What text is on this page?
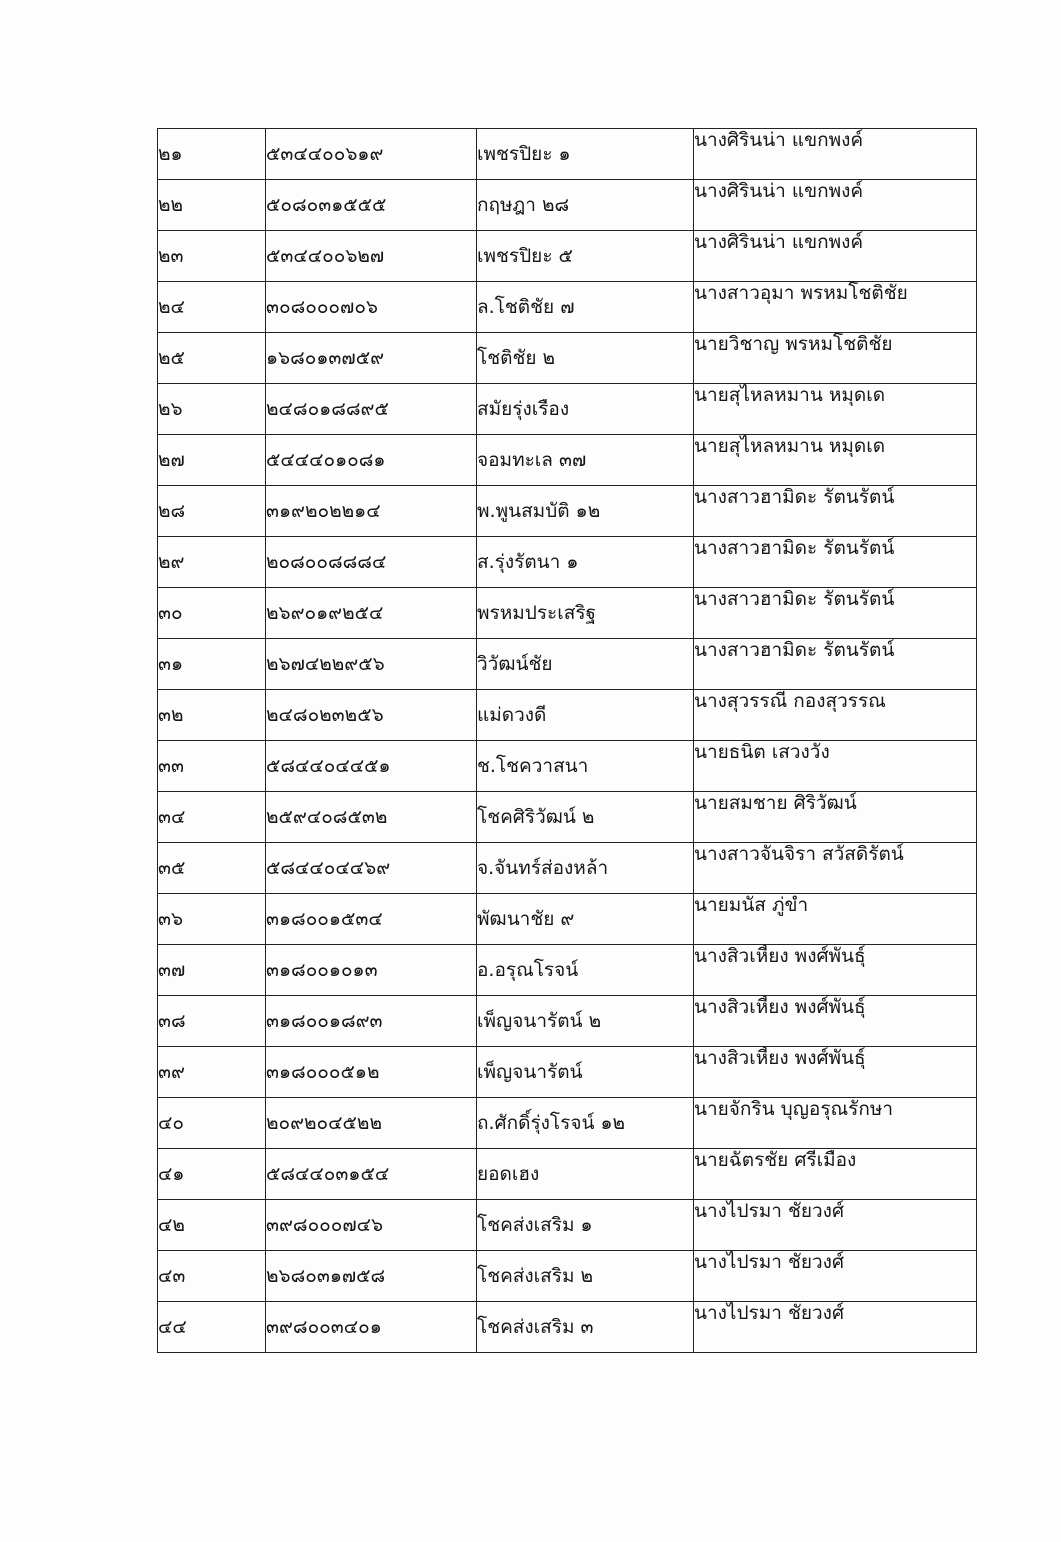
๒๑	๕๓๔๔๐๐๖๑๙	เพชรปิยะ ๑	นางศิรินน่า แขกพงค์
๒๒	๕๐๘๐๓๑๕๕๕	กฤษฎา ๒๘	นางศิรินน่า แขกพงค์
๒๓	๕๓๔๔๐๐๖๒๗	เพชรปิยะ ๕	นางศิรินน่า แขกพงค์
๒๔	๓๐๘๐๐๐๗๐๖	ล.โชติชัย ๗	นางสาวอุมา พรหมโชติชัย
๒๕	๑๖๘๐๑๓๗๕๙	โชติชัย ๒	นายวิชาญ พรหมโชติชัย
๒๖	๒๔๘๐๑๘๘๙๕	สมัยรุ่งเรือง	นายสุไหลหมาน หมุดเด
๒๗	๕๔๔๔๐๑๐๘๑	จอมทะเล ๓๗	นายสุไหลหมาน หมุดเด
๒๘	๓๑๙๒๐๒๒๑๔	พ.พูนสมบัติ ๑๒	นางสาวฮามิดะ รัตนรัตน์
๒๙	๒๐๘๐๐๘๘๘๔	ส.รุ่งรัตนา ๑	นางสาวฮามิดะ รัตนรัตน์
๓๐	๒๖๙๐๑๙๒๕๔	พรหมประเสริฐ	นางสาวฮามิดะ รัตนรัตน์
๓๑	๒๖๗๔๒๒๙๕๖	วิวัฒน์ชัย	นางสาวฮามิดะ รัตนรัตน์
๓๒	๒๔๘๐๒๓๒๕๖	แม่ดวงดี	นางสุวรรณี กองสุวรรณ
๓๓	๕๘๔๔๐๔๔๕๑	ช.โชควาสนา	นายธนิต เสวงวัง
๓๔	๒๕๙๔๐๘๕๓๒	โชคศิริวัฒน์ ๒	นายสมชาย ศิริวัฒน์
๓๕	๕๘๔๔๐๔๔๖๙	จ.จันทร์ส่องหล้า	นางสาวจันจิรา สวัสดิรัตน์
๓๖	๓๑๘๐๐๑๕๓๔	พัฒนาชัย ๙	นายมนัส ภู่ขำ
๓๗	๓๑๘๐๐๑๐๑๓	อ.อรุณโรจน์	นางสิวเหี้ยง พงศ์พันธุ์
๓๘	๓๑๘๐๐๑๘๙๓	เพ็ญจนารัตน์ ๒	นางสิวเหี้ยง พงศ์พันธุ์
๓๙	๓๑๘๐๐๐๕๑๒	เพ็ญจนารัตน์	นางสิวเหี้ยง พงศ์พันธุ์
๔๐	๒๐๙๒๐๔๕๒๒	ถ.ศักดิ์รุ่งโรจน์ ๑๒	นายจักริน บุญอรุณรักษา
๔๑	๕๘๔๔๐๓๑๕๔	ยอดเฮง	นายฉัตรชัย ศรีเมือง
๔๒	๓๙๘๐๐๐๗๔๖	โชคส่งเสริม ๑	นางไปรมา ชัยวงศ์
๔๓	๒๖๘๐๓๑๗๕๘	โชคส่งเสริม ๒	นางไปรมา ชัยวงศ์
๔๔	๓๙๘๐๐๓๔๐๑	โชคส่งเสริม ๓	นางไปรมา ชัยวงศ์
